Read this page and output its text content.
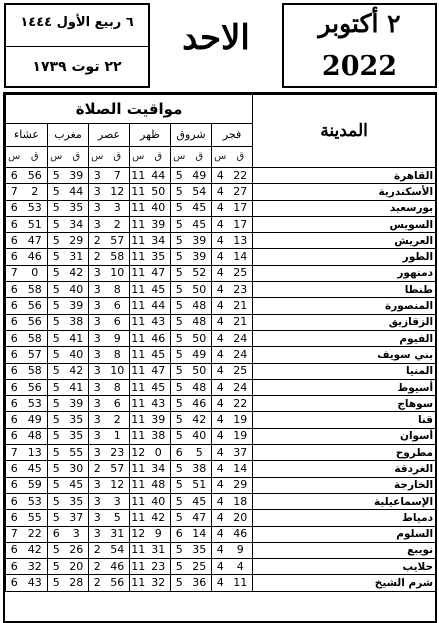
٦ ربيع الأول ١٤٤٤
٢٢ توت ١٧٣٩
الاحد	٢ أكتوبر
2022
مواقيت الصلاة												المدينة
عشاء		مغرب		عصر		ظهر		شروق		فجر		
س	ق	س	ق	س	ق	س	ق	س	ق	س	ق	
6	56	5	39	3	7	11	44	5	49	4	22	القاهرة
7	2	5	44	3	12	11	50	5	54	4	27	الأسكندرية
6	53	5	35	3	3	11	40	5	45	4	17	بورسعيد
6	51	5	34	3	2	11	39	5	45	4	17	السويس
6	47	5	29	2	57	11	34	5	39	4	13	العريش
6	46	5	31	2	58	11	35	5	39	4	14	الطور
7	0	5	42	3	10	11	47	5	52	4	25	دمنهور
6	58	5	40	3	8	11	45	5	50	4	23	طنطا
6	56	5	39	3	6	11	44	5	48	4	21	المنصورة
6	56	5	38	3	6	11	43	5	48	4	21	الزقازيق
6	58	5	41	3	9	11	46	5	50	4	24	الفيوم
6	57	5	40	3	8	11	45	5	49	4	24	بني سويف
6	58	5	42	3	10	11	47	5	50	4	25	المنيا
6	56	5	41	3	8	11	45	5	48	4	24	أسيوط
6	53	5	39	3	6	11	43	5	46	4	22	سوهاج
6	49	5	35	3	2	11	39	5	42	4	19	قنا
6	48	5	35	3	1	11	38	5	40	4	19	أسوان
7	13	5	55	3	23	12	0	6	5	4	37	مطروح
6	45	5	30	2	57	11	34	5	38	4	14	الغردقة
6	59	5	45	3	12	11	48	5	51	4	29	الخارجة
6	53	5	35	3	3	11	40	5	45	4	18	الإسماعيلية
6	55	5	37	3	5	11	42	5	47	4	20	دمياط
7	22	6	3	3	31	12	9	6	14	4	46	السلوم
6	42	5	26	2	54	11	31	5	35	4	9	نويبع
6	32	5	20	2	46	11	23	5	25	4	4	حلايب
6	43	5	28	2	56	11	32	5	36	4	11	شرم الشيخ
